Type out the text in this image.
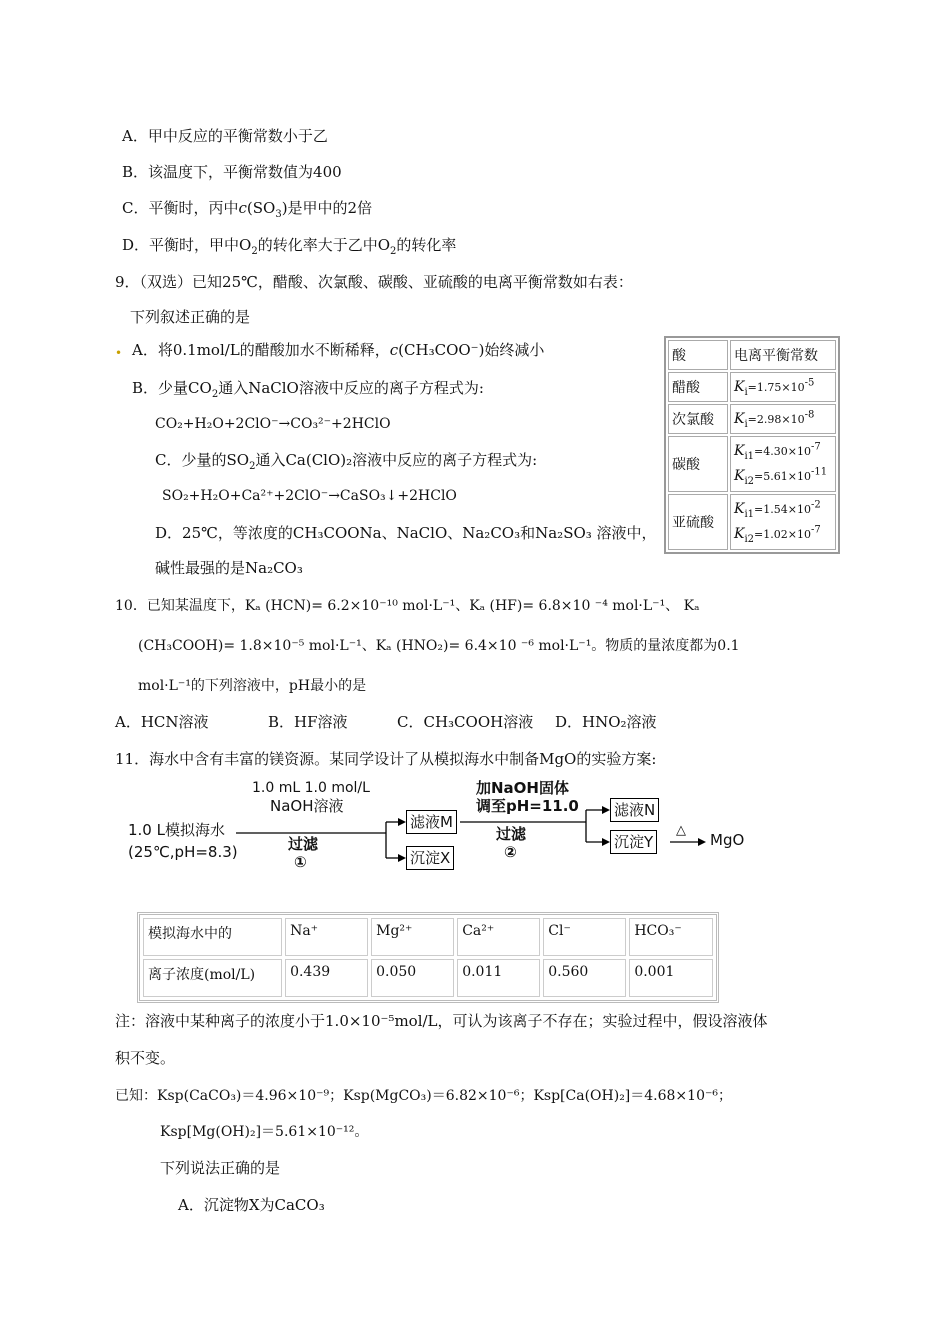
A．甲中反应的平衡常数小于乙
B．该温度下，平衡常数值为400
C．平衡时，丙中$c(SO_3)$是甲中的2倍
D．平衡时，甲中$O_2$的转化率大于乙中$O_2$的转化率
9．（双选）已知25℃，醋酸、次氯酸、碳酸、亚硫酸的电离平衡常数如右表：
下列叙述正确的是
• A．将0.1mol/L的醋酸加水不断稀释，c(CH₃COO⁻)始终减小
B．少量$CO_2$通入NaClO溶液中反应的离子方程式为:
CO₂+H₂O+2ClO⁻→CO₃²⁻+2HClO
C．少量的$SO_2$通入Ca(ClO)₂溶液中反应的离子方程式为:
SO₂+H₂O+Ca²⁺+2ClO⁻→CaSO₃↓+2HClO
D．25℃，等浓度的CH₃COONa、NaClO、Na₂CO₃和Na₂SO₃ 溶液中，
碱性最强的是Na₂CO₃
酸	电离平衡常数
醋酸	$K_i=1.75\times 10^{-5}$
次氯酸	$K_i=2.98\times 10^{-8}$
碳酸	$K_{i1}=4.30\times 10^{-7}$
$K_{i2}=5.61\times 10^{-11}$

亚硫酸	$K_{i1}=1.54\times 10^{-2}$
$K_{i2}=1.02\times 10^{-7}$
10．已知某温度下，Kₐ (HCN)= 6.2×10⁻¹⁰ mol·L⁻¹、Kₐ (HF)= 6.8×10 ⁻⁴ mol·L⁻¹、 Kₐ
(CH₃COOH)= 1.8×10⁻⁵ mol·L⁻¹、Kₐ (HNO₂)= 6.4×10 ⁻⁶ mol·L⁻¹。物质的量浓度都为0.1
mol·L⁻¹的下列溶液中，pH最小的是
A．HCN溶液	B．HF溶液	C．CH₃COOH溶液 D．HNO₂溶液
11．海水中含有丰富的镁资源。某同学设计了从模拟海水中制备MgO的实验方案:
1.0 L模拟海水
(25℃,pH=8.3)
1.0 mL 1.0 mol/L
NaOH溶液
过滤
①
滤液M
沉淀X
加NaOH固体
调至pH=11.0
过滤
②
滤液N
沉淀Y
△
MgO
模拟海水中的	Na⁺	Mg²⁺	Ca²⁺	Cl⁻	HCO₃⁻
离子浓度(mol/L)	0.439	0.050	0.011	0.560	0.001
注：溶液中某种离子的浓度小于1.0×10⁻⁵mol/L，可认为该离子不存在；实验过程中，假设溶液体
积不变。
已知：Ksp(CaCO₃)＝4.96×10⁻⁹；Ksp(MgCO₃)＝6.82×10⁻⁶；Ksp[Ca(OH)₂]＝4.68×10⁻⁶；
Ksp[Mg(OH)₂]＝5.61×10⁻¹²。
下列说法正确的是
A．沉淀物X为CaCO₃
